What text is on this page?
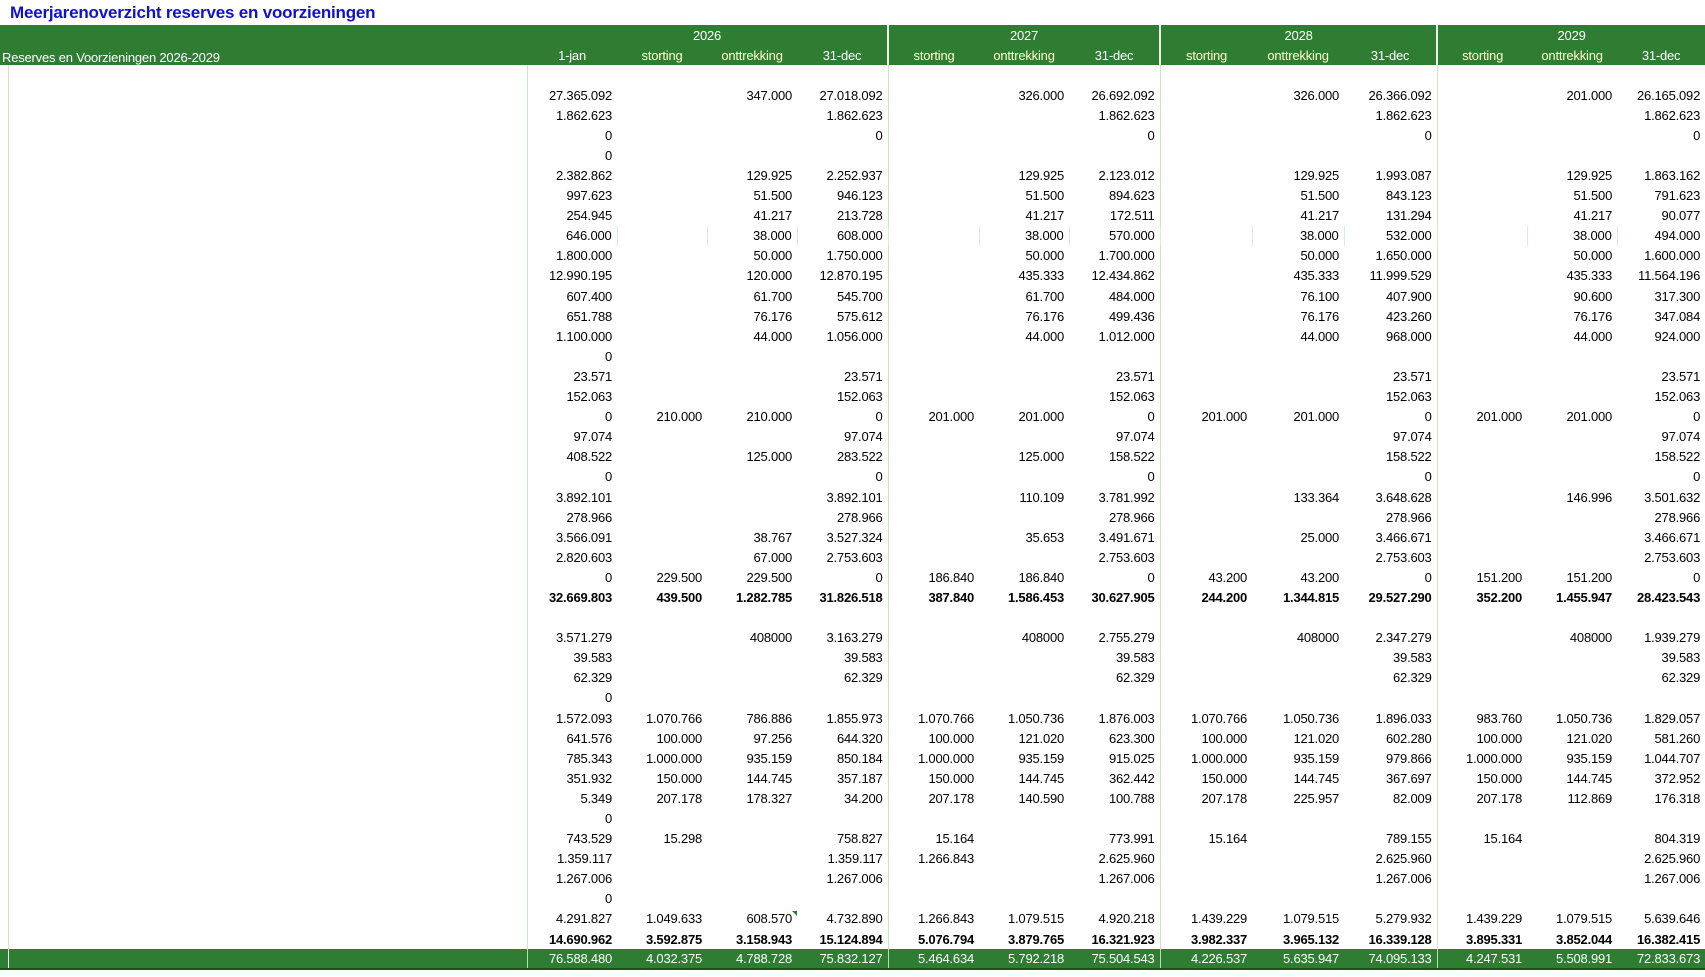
Meerjarenoverzicht reserves en voorzieningen
Reserves en Voorzieningen 2026-2029			2026				2027			2028			2029		
			1-jan	storting	onttrekking	31-dec	storting	onttrekking	31-dec	storting	onttrekking	31-dec	storting	onttrekking	31-dec

			27.365.092		347.000	27.018.092		326.000	26.692.092		326.000	26.366.092		201.000	26.165.092
			1.862.623			1.862.623			1.862.623			1.862.623			1.862.623
			0			0			0			0			0
			0												
			2.382.862		129.925	2.252.937		129.925	2.123.012		129.925	1.993.087		129.925	1.863.162
			997.623		51.500	946.123		51.500	894.623		51.500	843.123		51.500	791.623
			254.945		41.217	213.728		41.217	172.511		41.217	131.294		41.217	90.077
			646.000		38.000	608.000		38.000	570.000		38.000	532.000		38.000	494.000
			1.800.000		50.000	1.750.000		50.000	1.700.000		50.000	1.650.000		50.000	1.600.000
			12.990.195		120.000	12.870.195		435.333	12.434.862		435.333	11.999.529		435.333	11.564.196
			607.400		61.700	545.700		61.700	484.000		76.100	407.900		90.600	317.300
			651.788		76.176	575.612		76.176	499.436		76.176	423.260		76.176	347.084
			1.100.000		44.000	1.056.000		44.000	1.012.000		44.000	968.000		44.000	924.000
			0												
			23.571			23.571			23.571			23.571			23.571
			152.063			152.063			152.063			152.063			152.063
			0	210.000	210.000	0	201.000	201.000	0	201.000	201.000	0	201.000	201.000	0
			97.074			97.074			97.074			97.074			97.074
			408.522		125.000	283.522		125.000	158.522			158.522			158.522
			0			0			0			0			0
			3.892.101			3.892.101		110.109	3.781.992		133.364	3.648.628		146.996	3.501.632
			278.966			278.966			278.966			278.966			278.966
			3.566.091		38.767	3.527.324		35.653	3.491.671		25.000	3.466.671			3.466.671
			2.820.603		67.000	2.753.603			2.753.603			2.753.603			2.753.603
			0	229.500	229.500	0	186.840	186.840	0	43.200	43.200	0	151.200	151.200	0
			32.669.803	439.500	1.282.785	31.826.518	387.840	1.586.453	30.627.905	244.200	1.344.815	29.527.290	352.200	1.455.947	28.423.543

			3.571.279		408000	3.163.279		408000	2.755.279		408000	2.347.279		408000	1.939.279
			39.583			39.583			39.583			39.583			39.583
			62.329			62.329			62.329			62.329			62.329
			0												
			1.572.093	1.070.766	786.886	1.855.973	1.070.766	1.050.736	1.876.003	1.070.766	1.050.736	1.896.033	983.760	1.050.736	1.829.057
			641.576	100.000	97.256	644.320	100.000	121.020	623.300	100.000	121.020	602.280	100.000	121.020	581.260
			785.343	1.000.000	935.159	850.184	1.000.000	935.159	915.025	1.000.000	935.159	979.866	1.000.000	935.159	1.044.707
			351.932	150.000	144.745	357.187	150.000	144.745	362.442	150.000	144.745	367.697	150.000	144.745	372.952
			5.349	207.178	178.327	34.200	207.178	140.590	100.788	207.178	225.957	82.009	207.178	112.869	176.318
			0												
			743.529	15.298		758.827	15.164		773.991	15.164		789.155	15.164		804.319
			1.359.117			1.359.117	1.266.843		2.625.960			2.625.960			2.625.960
			1.267.006			1.267.006			1.267.006			1.267.006			1.267.006
			0												
			4.291.827	1.049.633	608.570	4.732.890	1.266.843	1.079.515	4.920.218	1.439.229	1.079.515	5.279.932	1.439.229	1.079.515	5.639.646
			14.690.962	3.592.875	3.158.943	15.124.894	5.076.794	3.879.765	16.321.923	3.982.337	3.965.132	16.339.128	3.895.331	3.852.044	16.382.415
			76.588.480	4.032.375	4.788.728	75.832.127	5.464.634	5.792.218	75.504.543	4.226.537	5.635.947	74.095.133	4.247.531	5.508.991	72.833.673
